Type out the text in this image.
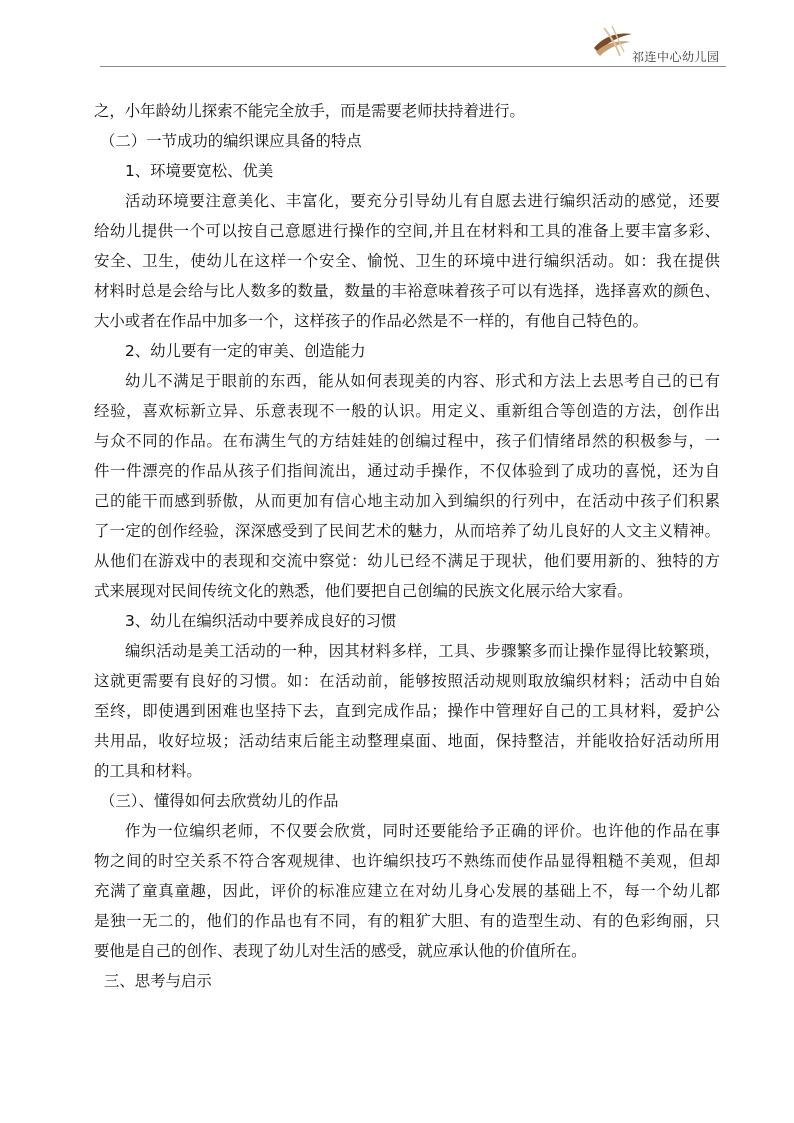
祁连中心幼儿园
之，小年龄幼儿探索不能完全放手，而是需要老师扶持着进行。
（二）一节成功的编织课应具备的特点
1、环境要宽松、优美
活动环境要注意美化、丰富化，要充分引导幼儿有自愿去进行编织活动的感觉，还要
给幼儿提供一个可以按自己意愿进行操作的空间,并且在材料和工具的准备上要丰富多彩、
安全、卫生，使幼儿在这样一个安全、愉悦、卫生的环境中进行编织活动。如：我在提供
材料时总是会给与比人数多的数量，数量的丰裕意味着孩子可以有选择，选择喜欢的颜色、
大小或者在作品中加多一个，这样孩子的作品必然是不一样的，有他自己特色的。
2、幼儿要有一定的审美、创造能力
幼儿不满足于眼前的东西，能从如何表现美的内容、形式和方法上去思考自己的已有
经验，喜欢标新立异、乐意表现不一般的认识。用定义、重新组合等创造的方法，创作出
与众不同的作品。在布满生气的方结娃娃的创编过程中，孩子们情绪昂然的积极参与，一
件一件漂亮的作品从孩子们指间流出，通过动手操作，不仅体验到了成功的喜悦，还为自
己的能干而感到骄傲，从而更加有信心地主动加入到编织的行列中，在活动中孩子们积累
了一定的创作经验，深深感受到了民间艺术的魅力，从而培养了幼儿良好的人文主义精神。
从他们在游戏中的表现和交流中察觉：幼儿已经不满足于现状，他们要用新的、独特的方
式来展现对民间传统文化的熟悉，他们要把自己创编的民族文化展示给大家看。
3、幼儿在编织活动中要养成良好的习惯
编织活动是美工活动的一种，因其材料多样，工具、步骤繁多而让操作显得比较繁琐，
这就更需要有良好的习惯。如：在活动前，能够按照活动规则取放编织材料；活动中自始
至终，即使遇到困难也坚持下去，直到完成作品；操作中管理好自己的工具材料，爱护公
共用品，收好垃圾；活动结束后能主动整理桌面、地面，保持整洁，并能收拾好活动所用
的工具和材料。
（三）、懂得如何去欣赏幼儿的作品
作为一位编织老师，不仅要会欣赏，同时还要能给予正确的评价。也许他的作品在事
物之间的时空关系不符合客观规律、也许编织技巧不熟练而使作品显得粗糙不美观，但却
充满了童真童趣，因此，评价的标准应建立在对幼儿身心发展的基础上不，每一个幼儿都
是独一无二的，他们的作品也有不同，有的粗犷大胆、有的造型生动、有的色彩绚丽，只
要他是自己的创作、表现了幼儿对生活的感受，就应承认他的价值所在。
三、思考与启示
